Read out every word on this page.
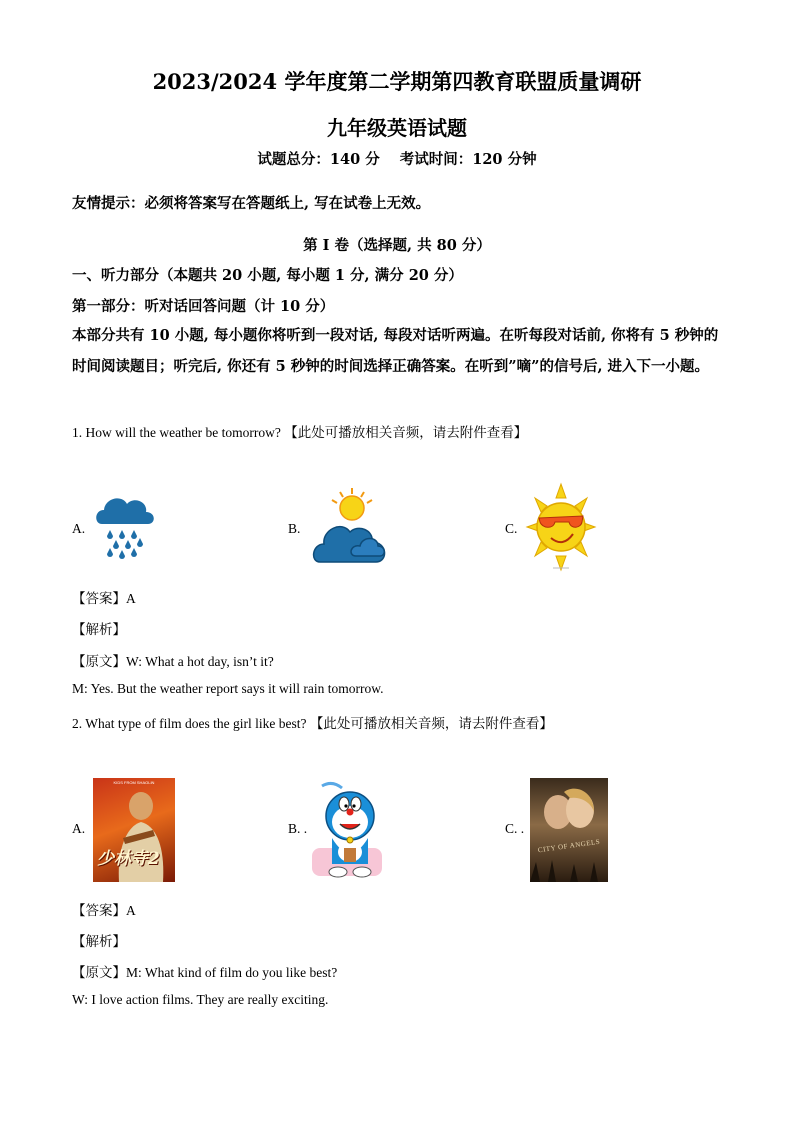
2023/2024 学年度第二学期第四教育联盟质量调研
九年级英语试题
试题总分：140 分 考试时间：120 分钟
友情提示：必须将答案写在答题纸上, 写在试卷上无效。
第 I 卷（选择题, 共 80 分）
一、听力部分（本题共 20 小题, 每小题 1 分, 满分 20 分）
第一部分：听对话回答问题（计 10 分）
本部分共有 10 小题, 每小题你将听到一段对话, 每段对话听两遍。在听每段对话前, 你将有 5 秒钟的时间阅读题目；听完后, 你还有 5 秒钟的时间选择正确答案。在听到”嘀”的信号后, 进入下一小题。
1. How will the weather be tomorrow? 【此处可播放相关音频，请去附件查看】
A.	B.	C.
【答案】A
【解析】
【原文】W: What a hot day, isn’t it?
M: Yes. But the weather report says it will rain tomorrow.
2. What type of film does the girl like best? 【此处可播放相关音频，请去附件查看】
A.
KIDS FROM SHAOLIN
少林寺2
B. .	C. .
CITY OF ANGELS
【答案】A
【解析】
【原文】M: What kind of film do you like best?
W: I love action films. They are really exciting.
